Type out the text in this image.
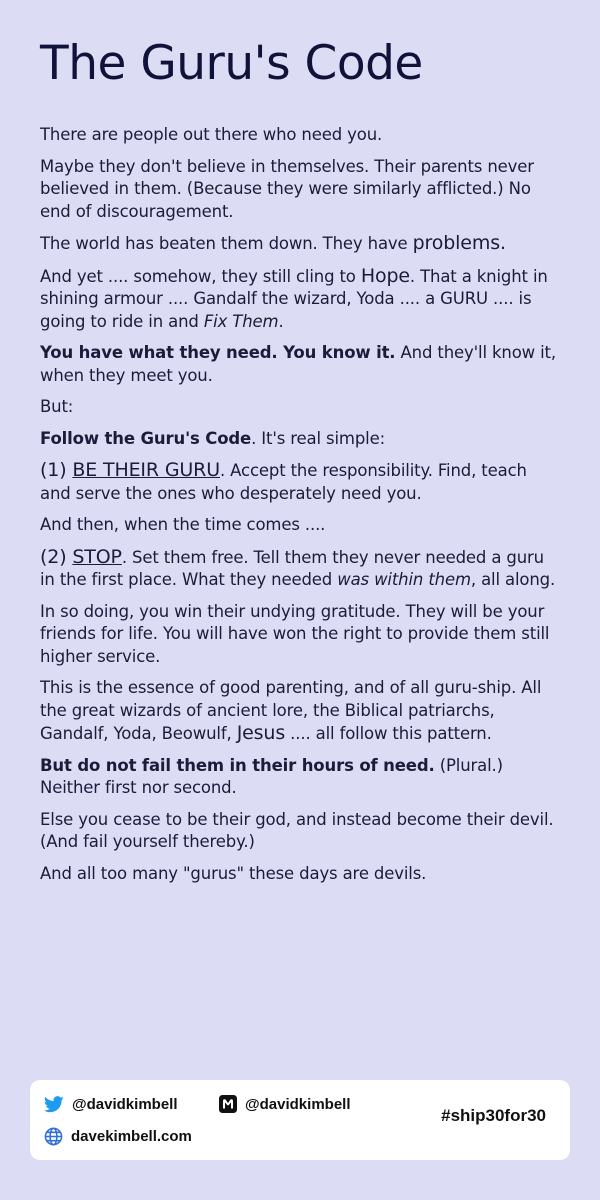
The Guru's Code

There are people out there who need you.

Maybe they don't believe in themselves. Their parents never believed in them. (Because they were similarly afflicted.) No end of discouragement.

The world has beaten them down. They have problems.

And yet .... somehow, they still cling to Hope. That a knight in shining armour .... Gandalf the wizard, Yoda .... a GURU .... is going to ride in and Fix Them.

You have what they need. You know it. And they'll know it, when they meet you.

But:

Follow the Guru's Code. It's real simple:

(1) BE THEIR GURU. Accept the responsibility. Find, teach and serve the ones who desperately need you.

And then, when the time comes ....

(2) STOP. Set them free. Tell them they never needed a guru in the first place. What they needed was within them, all along.

In so doing, you win their undying gratitude. They will be your friends for life. You will have won the right to provide them still higher service.

This is the essence of good parenting, and of all guru-ship. All the great wizards of ancient lore, the Biblical patriarchs, Gandalf, Yoda, Beowulf, Jesus .... all follow this pattern.

But do not fail them in their hours of need. (Plural.) Neither first nor second.

Else you cease to be their god, and instead become their devil. (And fail yourself thereby.)

And all too many "gurus" these days are devils.

@davidkimbell	@davidkimbell
davekimbell.com
#ship30for30
